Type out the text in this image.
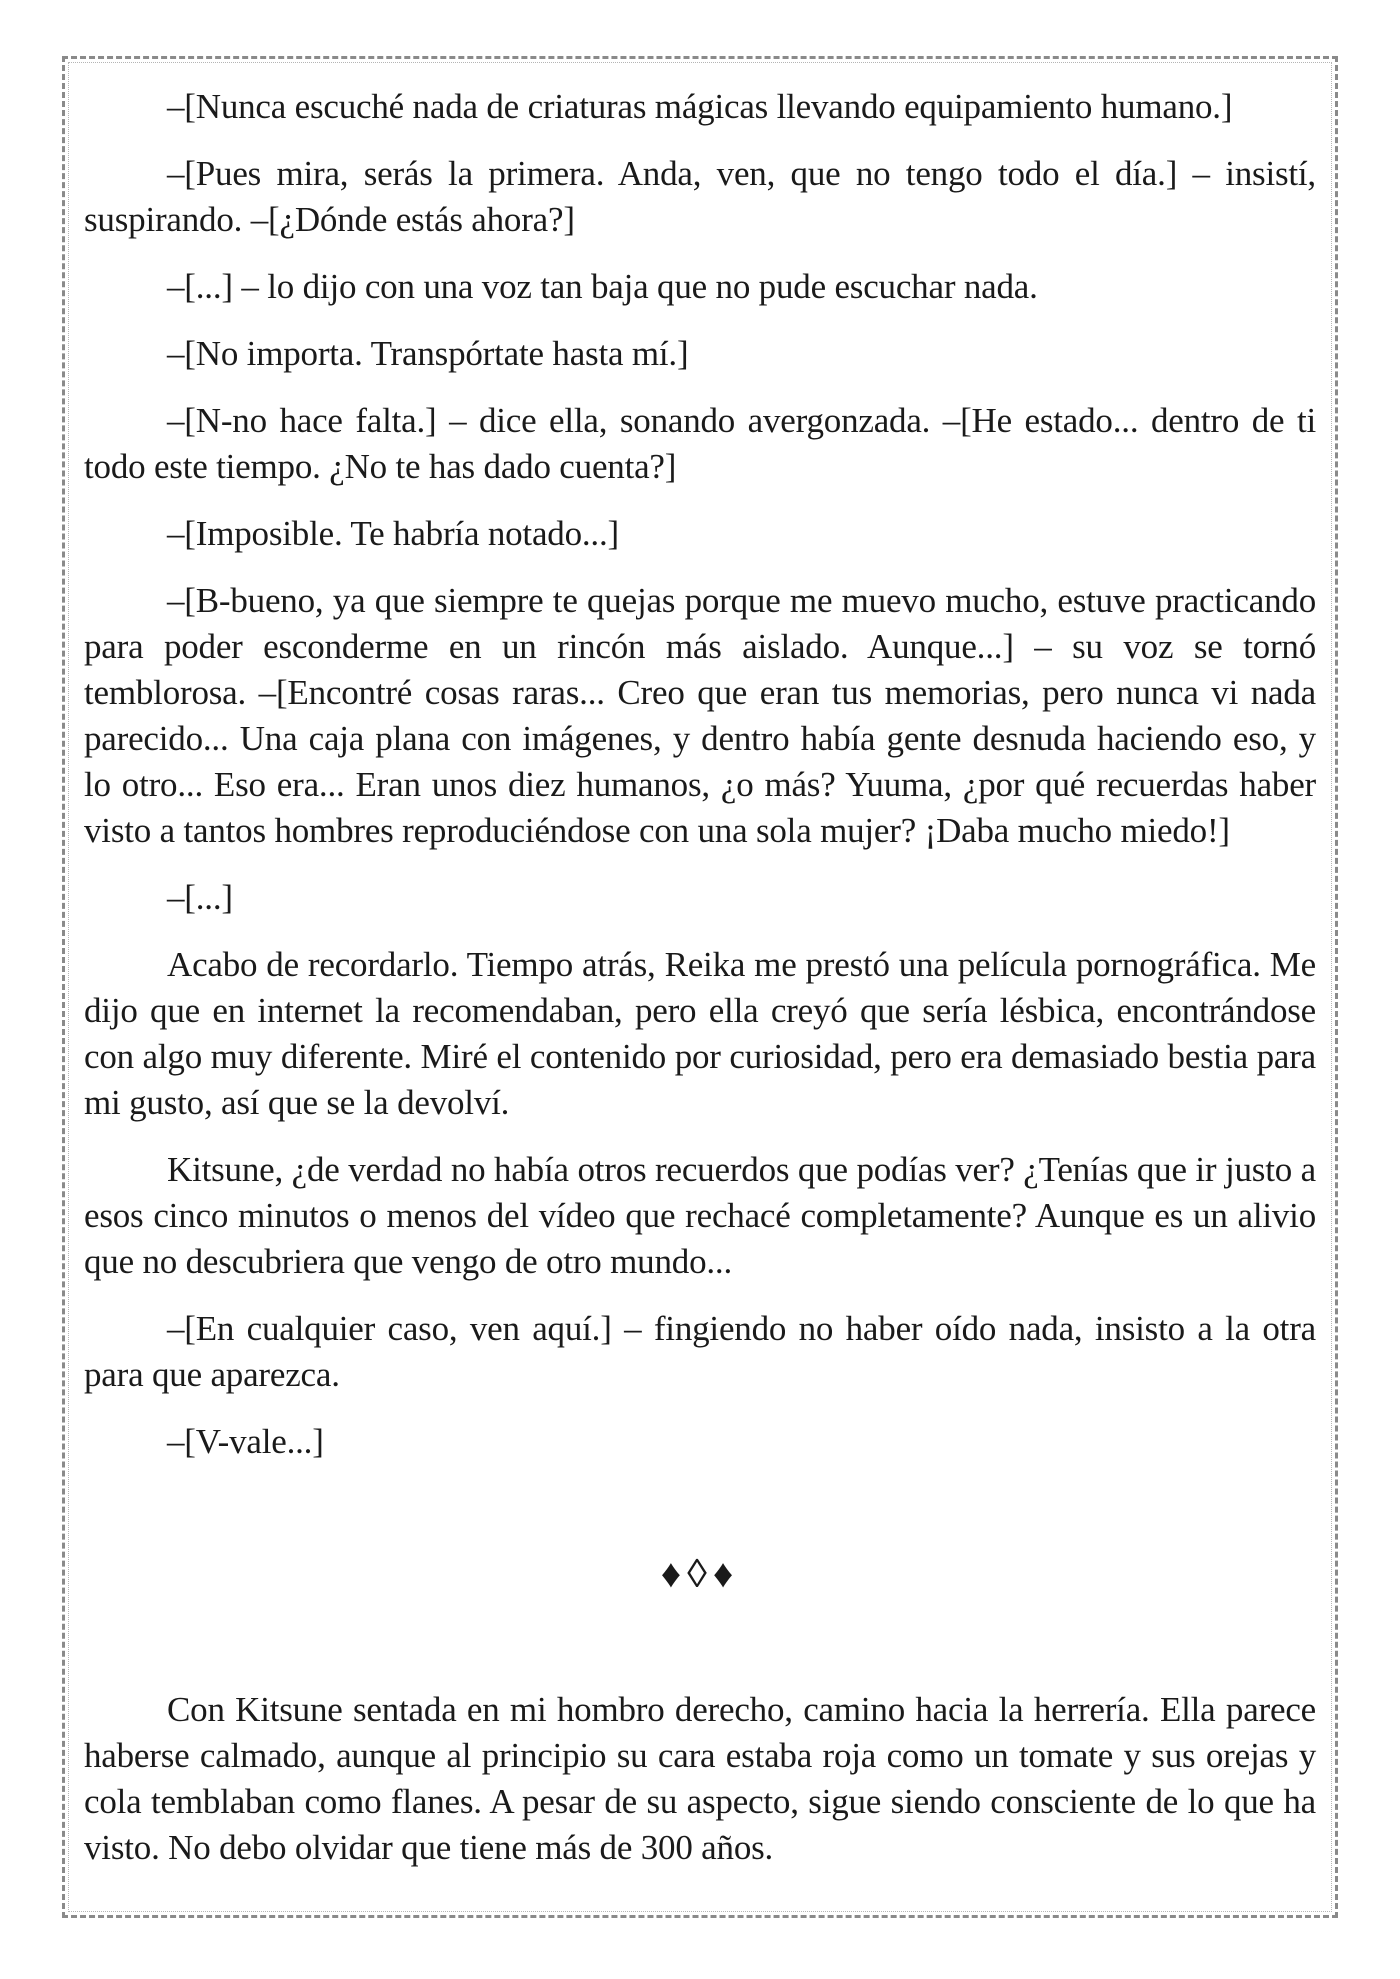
–[Nunca escuché nada de criaturas mágicas llevando equipamiento humano.]

–[Pues mira, serás la primera. Anda, ven, que no tengo todo el día.] – insistí, suspirando. –[¿Dónde estás ahora?]

–[...] – lo dijo con una voz tan baja que no pude escuchar nada.

–[No importa. Transpórtate hasta mí.]

–[N-no hace falta.] – dice ella, sonando avergonzada. –[He estado... dentro de ti todo este tiempo. ¿No te has dado cuenta?]

–[Imposible. Te habría notado...]

–[B-bueno, ya que siempre te quejas porque me muevo mucho, estuve practicando para poder esconderme en un rincón más aislado. Aunque...] – su voz se tornó temblorosa. –[Encontré cosas raras... Creo que eran tus memorias, pero nunca vi nada parecido... Una caja plana con imágenes, y dentro había gente desnuda haciendo eso, y lo otro... Eso era... Eran unos diez humanos, ¿o más? Yuuma, ¿por qué recuerdas haber visto a tantos hombres reproduciéndose con una sola mujer? ¡Daba mucho miedo!]

–[...]

Acabo de recordarlo. Tiempo atrás, Reika me prestó una película pornográfica. Me dijo que en internet la recomendaban, pero ella creyó que sería lésbica, encontrándose con algo muy diferente. Miré el contenido por curiosidad, pero era demasiado bestia para mi gusto, así que se la devolví.

Kitsune, ¿de verdad no había otros recuerdos que podías ver? ¿Tenías que ir justo a esos cinco minutos o menos del vídeo que rechacé completamente? Aunque es un alivio que no descubriera que vengo de otro mundo...

–[En cualquier caso, ven aquí.] – fingiendo no haber oído nada, insisto a la otra para que aparezca.

–[V-vale...]

♦◊♦

Con Kitsune sentada en mi hombro derecho, camino hacia la herrería. Ella parece haberse calmado, aunque al principio su cara estaba roja como un tomate y sus orejas y cola temblaban como flanes. A pesar de su aspecto, sigue siendo consciente de lo que ha visto. No debo olvidar que tiene más de 300 años.
